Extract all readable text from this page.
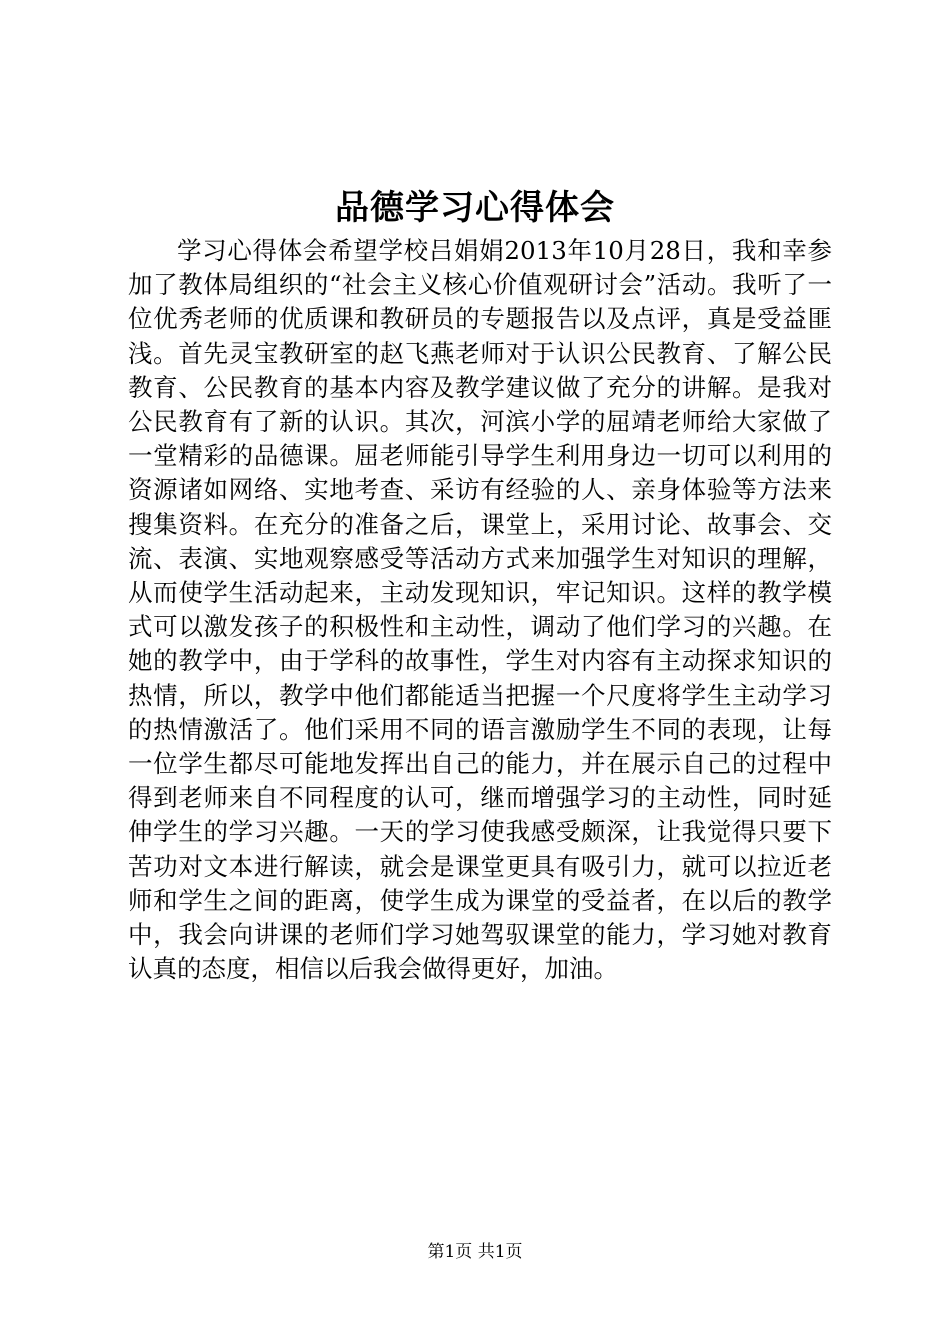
品德学习心得体会

学习心得体会希望学校吕娟娟2013年10月28日，我和幸参加了教体局组织的“社会主义核心价值观研讨会”活动。我听了一位优秀老师的优质课和教研员的专题报告以及点评，真是受益匪浅。首先灵宝教研室的赵飞燕老师对于认识公民教育、了解公民教育、公民教育的基本内容及教学建议做了充分的讲解。是我对公民教育有了新的认识。其次，河滨小学的屈靖老师给大家做了一堂精彩的品德课。屈老师能引导学生利用身边一切可以利用的资源诸如网络、实地考查、采访有经验的人、亲身体验等方法来搜集资料。在充分的准备之后，课堂上，采用讨论、故事会、交流、表演、实地观察感受等活动方式来加强学生对知识的理解，从而使学生活动起来，主动发现知识，牢记知识。这样的教学模式可以激发孩子的积极性和主动性，调动了他们学习的兴趣。在她的教学中，由于学科的故事性，学生对内容有主动探求知识的热情，所以，教学中他们都能适当把握一个尺度将学生主动学习的热情激活了。他们采用不同的语言激励学生不同的表现，让每一位学生都尽可能地发挥出自己的能力，并在展示自己的过程中得到老师来自不同程度的认可，继而增强学习的主动性，同时延伸学生的学习兴趣。一天的学习使我感受颇深，让我觉得只要下苦功对文本进行解读，就会是课堂更具有吸引力，就可以拉近老师和学生之间的距离，使学生成为课堂的受益者，在以后的教学中，我会向讲课的老师们学习她驾驭课堂的能力，学习她对教育认真的态度，相信以后我会做得更好，加油。

第1页 共1页
